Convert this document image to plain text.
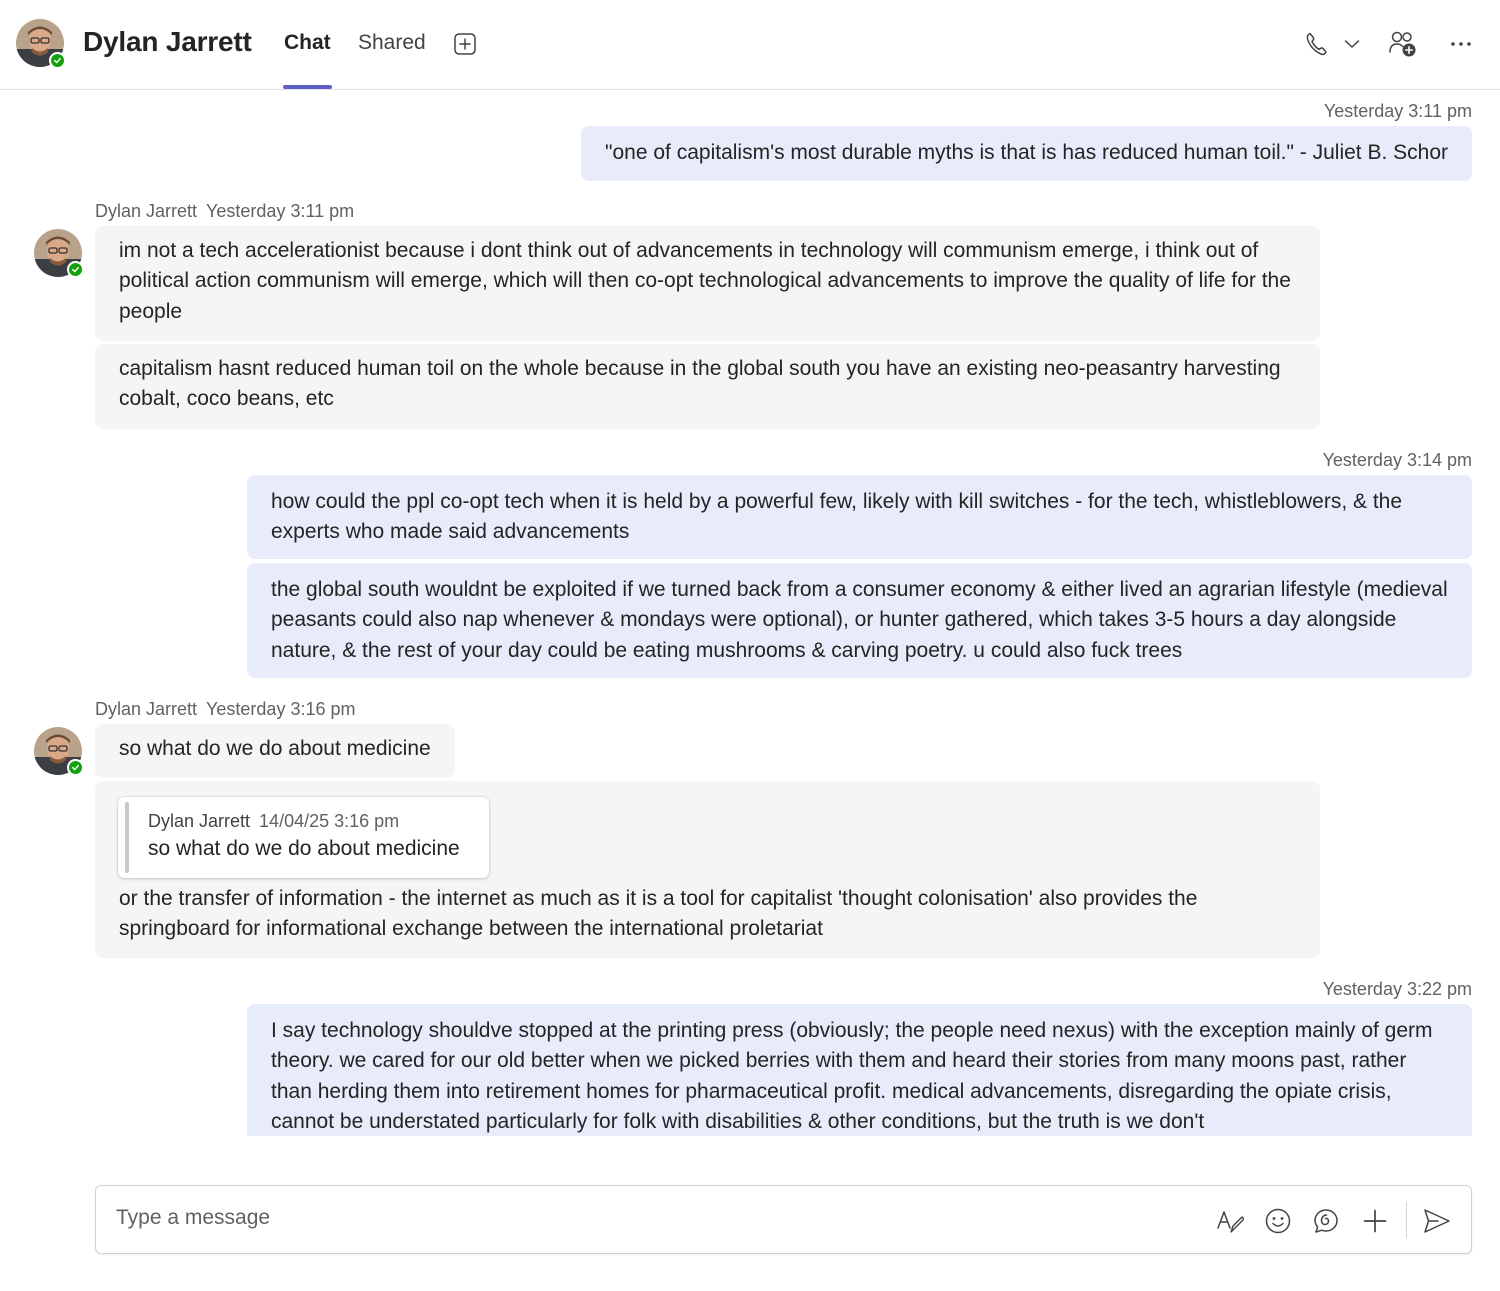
Dylan Jarrett Chat Shared
Yesterday 3:11 pm
"one of capitalism's most durable myths is that is has reduced human toil." - Juliet B. Schor
Dylan Jarrett Yesterday 3:11 pm
im not a tech accelerationist because i dont think out of advancements in technology will communism emerge, i think out of political action communism will emerge, which will then co-opt technological advancements to improve the quality of life for the people
capitalism hasnt reduced human toil on the whole because in the global south you have an existing neo-peasantry harvesting cobalt, coco beans, etc
Yesterday 3:14 pm
how could the ppl co-opt tech when it is held by a powerful few, likely with kill switches - for the tech, whistleblowers, & the experts who made said advancements
the global south wouldnt be exploited if we turned back from a consumer economy & either lived an agrarian lifestyle (medieval peasants could also nap whenever & mondays were optional), or hunter gathered, which takes 3-5 hours a day alongside nature, & the rest of your day could be eating mushrooms & carving poetry. u could also fuck trees
Dylan Jarrett Yesterday 3:16 pm
so what do we do about medicine
Dylan Jarrett 14/04/25 3:16 pm
so what do we do about medicine
or the transfer of information - the internet as much as it is a tool for capitalist 'thought colonisation' also provides the springboard for informational exchange between the international proletariat
Yesterday 3:22 pm
I say technology shouldve stopped at the printing press (obviously; the people need nexus) with the exception mainly of germ theory. we cared for our old better when we picked berries with them and heard their stories from many moons past, rather than herding them into retirement homes for pharmaceutical profit. medical advancements, disregarding the opiate crisis, cannot be understated particularly for folk with disabilities & other conditions, but the truth is we don't
Type a message
